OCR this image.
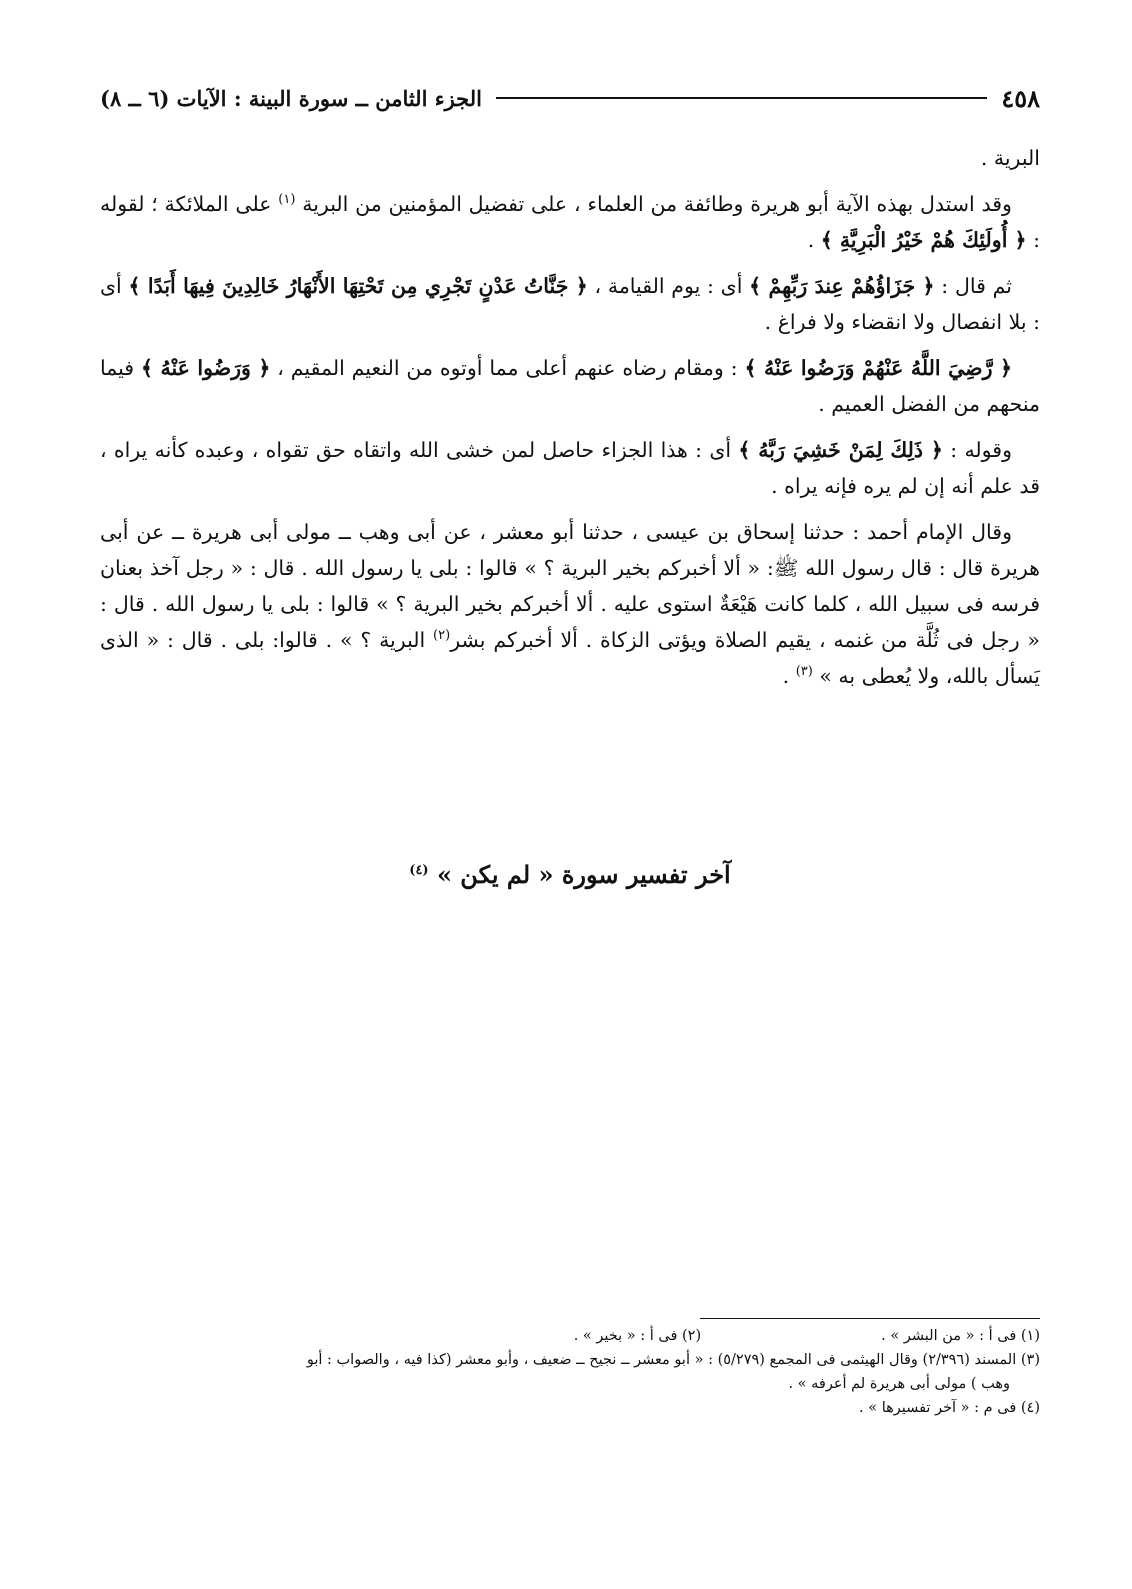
٤٥٨
الجزء الثامن ــ سورة البينة : الآيات (٦ ــ ٨)

البرية .

وقد استدل بهذه الآية أبو هريرة وطائفة من العلماء ، على تفضيل المؤمنين من البرية $^{(١)}$ على الملائكة ؛ لقوله : ﴿ أُولَئِكَ هُمْ خَيْرُ الْبَرِيَّةِ ﴾ .

ثم قال : ﴿ جَزَاؤُهُمْ عِندَ رَبِّهِمْ ﴾ أى : يوم القيامة ، ﴿ جَنَّاتُ عَدْنٍ تَجْرِي مِن تَحْتِهَا الأَنْهَارُ خَالِدِينَ فِيهَا أَبَدًا ﴾ أى : بلا انفصال ولا انقضاء ولا فراغ .

﴿ رَّضِيَ اللَّهُ عَنْهُمْ وَرَضُوا عَنْهُ ﴾ : ومقام رضاه عنهم أعلى مما أوتوه من النعيم المقيم ، ﴿ وَرَضُوا عَنْهُ ﴾ فيما منحهم من الفضل العميم .

وقوله : ﴿ ذَلِكَ لِمَنْ خَشِيَ رَبَّهُ ﴾ أى : هذا الجزاء حاصل لمن خشى الله واتقاه حق تقواه ، وعبده كأنه يراه ، قد علم أنه إن لم يره فإنه يراه .

وقال الإمام أحمد : حدثنا إسحاق بن عيسى ، حدثنا أبو معشر ، عن أبى وهب ــ مولى أبى هريرة ــ عن أبى هريرة قال : قال رسول الله ﷺ: « ألا أخبركم بخير البرية ؟ » قالوا : بلى يا رسول الله . قال : « رجل آخذ بعنان فرسه فى سبيل الله ، كلما كانت هَيْعَةٌ استوى عليه . ألا أخبركم بخير البرية ؟ » قالوا : بلى يا رسول الله . قال : « رجل فى ثُلَّة من غنمه ، يقيم الصلاة ويؤتى الزكاة . ألا أخبركم بشر$^{(٢)}$ البرية ؟ » . قالوا: بلى . قال : « الذى يَسأل بالله، ولا يُعطى به » $^{(٣)}$ .

آخر تفسير سورة « لم يكن » $^{(٤)}$

(١) فى أ : « من البشر » .

(٢) فى أ : « بخير » .

(٣) المسند (٢/٣٩٦) وقال الهيثمى فى المجمع (٥/٢٧٩) : « أبو معشر ــ نجيح ــ ضعيف ، وأبو معشر (كذا فيه ، والصواب : أبو

وهب ) مولى أبى هريرة لم أعرفه » .

(٤) فى م : « آخر تفسيرها » .
